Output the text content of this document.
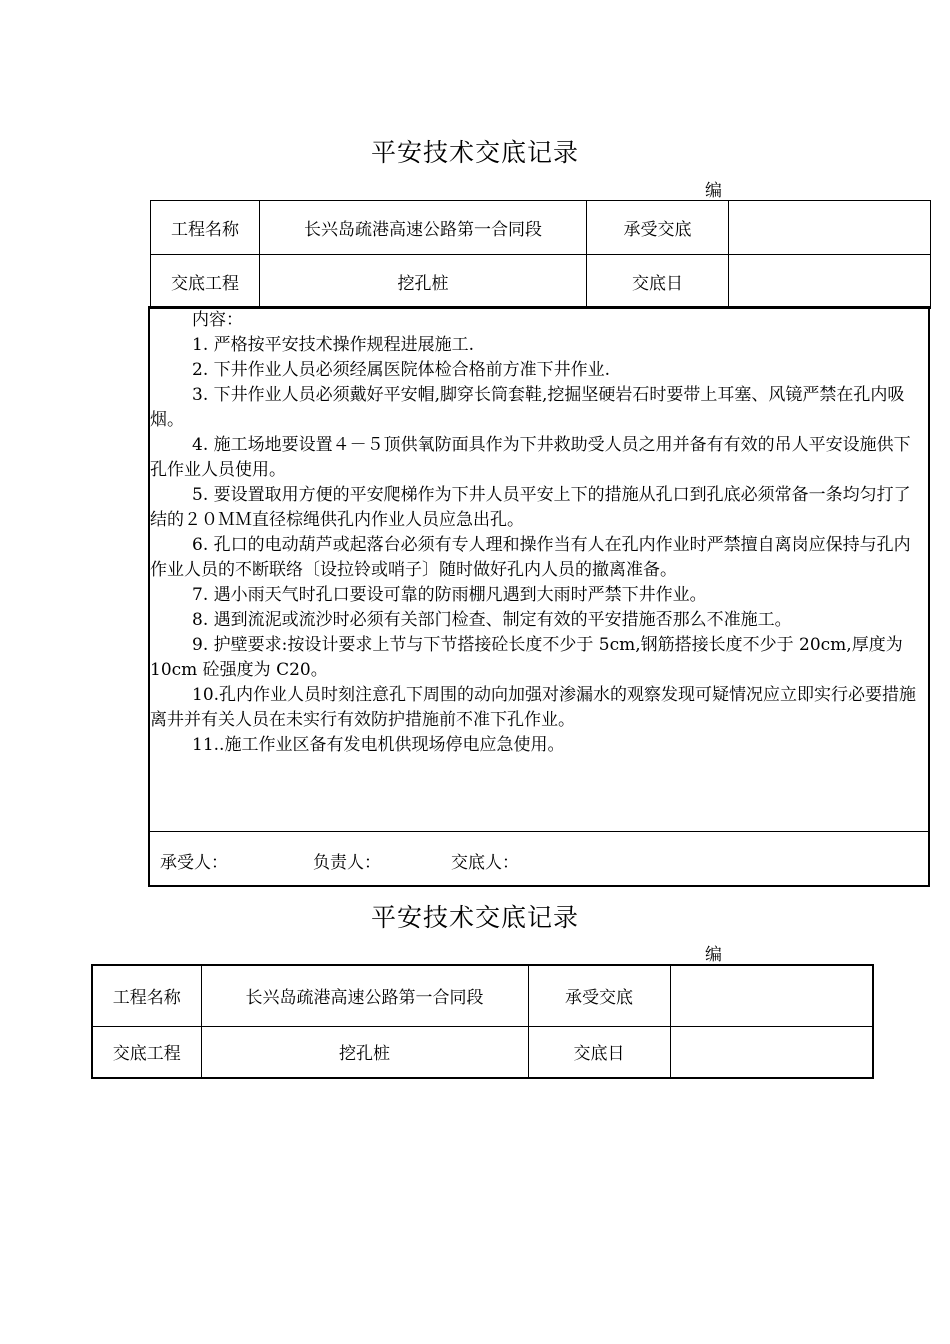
平安技术交底记录
编
工程名称	长兴岛疏港高速公路第一合同段	承受交底	
交底工程	挖孔桩	交底日	

内容：

1. 严格按平安技术操作规程进展施工.

2. 下井作业人员必须经属医院体检合格前方准下井作业.

3. 下井作业人员必须戴好平安帽,脚穿长筒套鞋,挖掘坚硬岩石时要带上耳塞、风镜严禁在孔内吸烟。

4. 施工场地要设置４－５顶供氧防面具作为下井救助受人员之用并备有有效的吊人平安设施供下孔作业人员使用。

5. 要设置取用方便的平安爬梯作为下井人员平安上下的措施从孔口到孔底必须常备一条均匀打了结的２０ＭＭ直径棕绳供孔内作业人员应急出孔。

6. 孔口的电动葫芦或起落台必须有专人理和操作当有人在孔内作业时严禁擅自离岗应保持与孔内作业人员的不断联络〔设拉铃或哨子〕随时做好孔内人员的撤离准备。

7. 遇小雨天气时孔口要设可靠的防雨棚凡遇到大雨时严禁下井作业。

8. 遇到流泥或流沙时必须有关部门检查、制定有效的平安措施否那么不准施工。

9. 护壁要求:按设计要求上节与下节搭接砼长度不少于 5cm,钢筋搭接长度不少于 20cm,厚度为 10cm 砼强度为 C20。

10.孔内作业人员时刻注意孔下周围的动向加强对渗漏水的观察发现可疑情况应立即实行必要措施离井并有关人员在未实行有效防护措施前不准下孔作业。

11..施工作业区备有发电机供现场停电应急使用。

承受人：	负责人：	交底人：
平安技术交底记录
编
工程名称	长兴岛疏港高速公路第一合同段	承受交底	
交底工程	挖孔桩	交底日	
